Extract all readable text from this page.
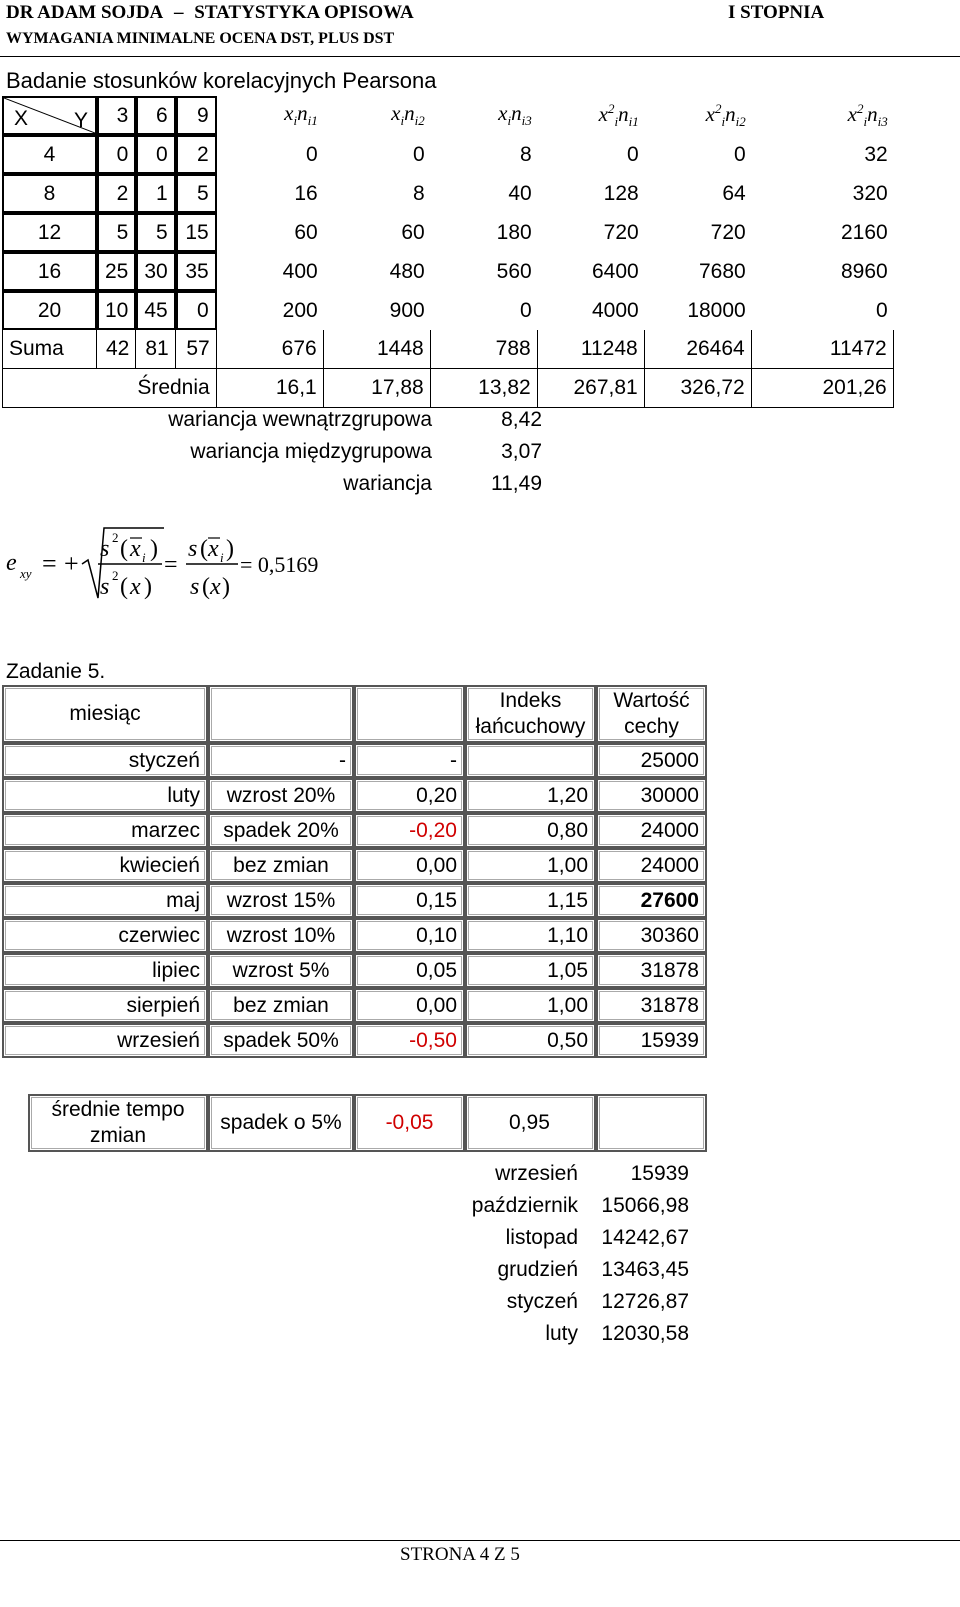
DR ADAM SOJDA – STATYSTYKA OPISOWA	I STOPNIA
WYMAGANIA MINIMALNE OCENA DST, PLUS DST
Badanie stosunków korelacyjnych Pearsona
X Y	3	6	9	$x_in_{i1}$	$x_in_{i2}$	$x_in_{i3}$	$x^2_in_{i1}$	$x^2_in_{i2}$	$x^2_in_{i3}$
4	0	0	2	0	0	8	0	0	32
8	2	1	5	16	8	40	128	64	320
12	5	5	15	60	60	180	720	720	2160
16	25	30	35	400	480	560	6400	7680	8960
20	10	45	0	200	900	0	4000	18000	0
Suma	42	81	57	676	1448	788	11248	26464	11472
Średnia				16,1	17,88	13,82	267,81	326,72	201,26
wariancja wewnątrzgrupowa	8,42
wariancja międzygrupowa	3,07
wariancja	11,49
e xy = + s 2 ( x i )
s 2 ( x )
=
s ( x i )
s ( x )
= 0,5169
Zadanie 5.
miesiąc			Indeks łańcuchowy	Wartość cechy
styczeń	-	-		25000
luty	wzrost 20%	0,20	1,20	30000
marzec	spadek 20%	-0,20	0,80	24000
kwiecień	bez zmian	0,00	1,00	24000
maj	wzrost 15%	0,15	1,15	27600
czerwiec	wzrost 10%	0,10	1,10	30360
lipiec	wzrost 5%	0,05	1,05	31878
sierpień	bez zmian	0,00	1,00	31878
wrzesień	spadek 50%	-0,50	0,50	15939
średnie tempo zmian	spadek o 5%	-0,05	0,95	
wrzesień	15939
październik	15066,98
listopad	14242,67
grudzień	13463,45
styczeń	12726,87
luty	12030,58
STRONA 4 Z 5
